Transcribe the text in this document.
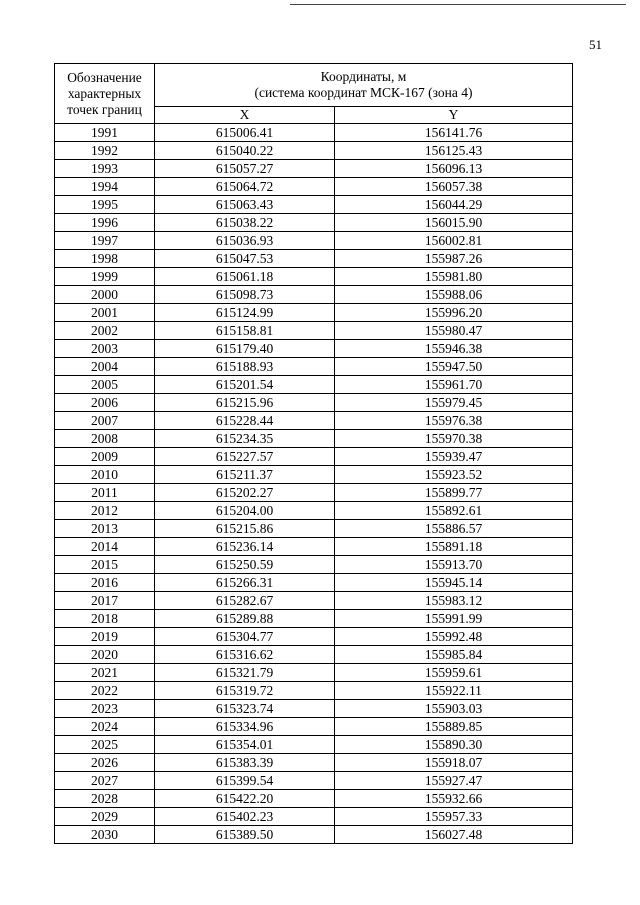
51
Обозначение
характерных
точек границ	Координаты, м
(система координат МСК-167 (зона 4)	
	X	Y
1991	615006.41	156141.76
1992	615040.22	156125.43
1993	615057.27	156096.13
1994	615064.72	156057.38
1995	615063.43	156044.29
1996	615038.22	156015.90
1997	615036.93	156002.81
1998	615047.53	155987.26
1999	615061.18	155981.80
2000	615098.73	155988.06
2001	615124.99	155996.20
2002	615158.81	155980.47
2003	615179.40	155946.38
2004	615188.93	155947.50
2005	615201.54	155961.70
2006	615215.96	155979.45
2007	615228.44	155976.38
2008	615234.35	155970.38
2009	615227.57	155939.47
2010	615211.37	155923.52
2011	615202.27	155899.77
2012	615204.00	155892.61
2013	615215.86	155886.57
2014	615236.14	155891.18
2015	615250.59	155913.70
2016	615266.31	155945.14
2017	615282.67	155983.12
2018	615289.88	155991.99
2019	615304.77	155992.48
2020	615316.62	155985.84
2021	615321.79	155959.61
2022	615319.72	155922.11
2023	615323.74	155903.03
2024	615334.96	155889.85
2025	615354.01	155890.30
2026	615383.39	155918.07
2027	615399.54	155927.47
2028	615422.20	155932.66
2029	615402.23	155957.33
2030	615389.50	156027.48
